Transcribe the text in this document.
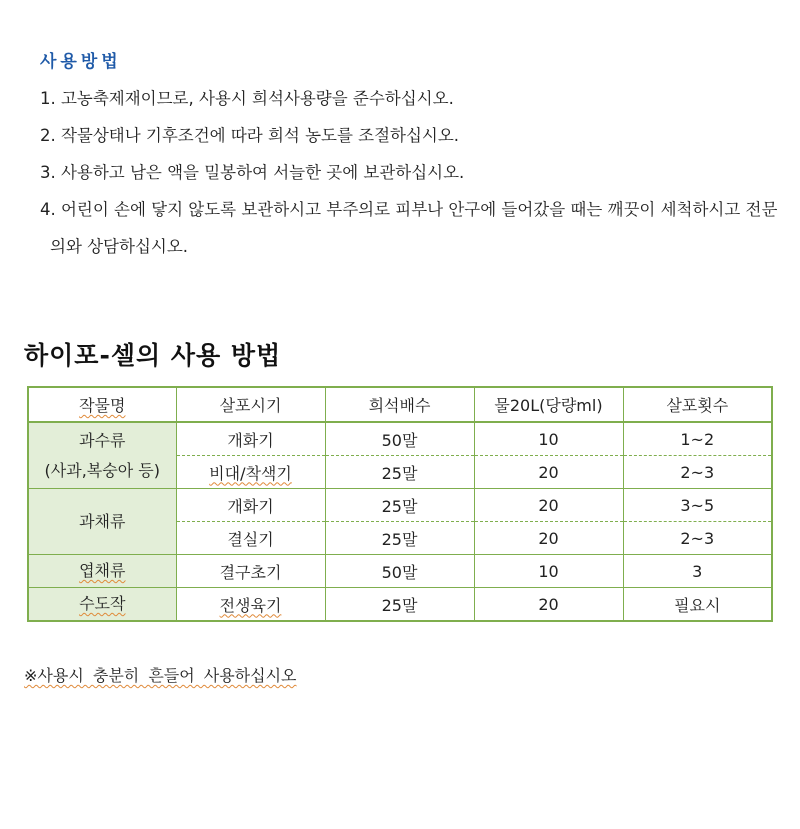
사용방법
1. 고농축제재이므로, 사용시 희석사용량을 준수하십시오.
2. 작물상태나 기후조건에 따라 희석 농도를 조절하십시오.
3. 사용하고 남은 액을 밀봉하여 서늘한 곳에 보관하십시오.
4. 어린이 손에 닿지 않도록 보관하시고 부주의로 피부나 안구에 들어갔을 때는 깨끗이 세척하시고 전문의와 상담하십시오.
하이포-셀의 사용 방법
작물명	살포시기	희석배수	물20L(당량ml)	살포횟수

과수류
(사과,복숭아 등)	개화기	50말	10	1~2
	비대/착색기	25말	20	2~3

과채류	개화기	25말	20	3~5
	결실기	25말	20	2~3
엽채류	결구초기	50말	10	3
수도작	전생육기	25말	20	필요시

※사용시 충분히 흔들어 사용하십시오
